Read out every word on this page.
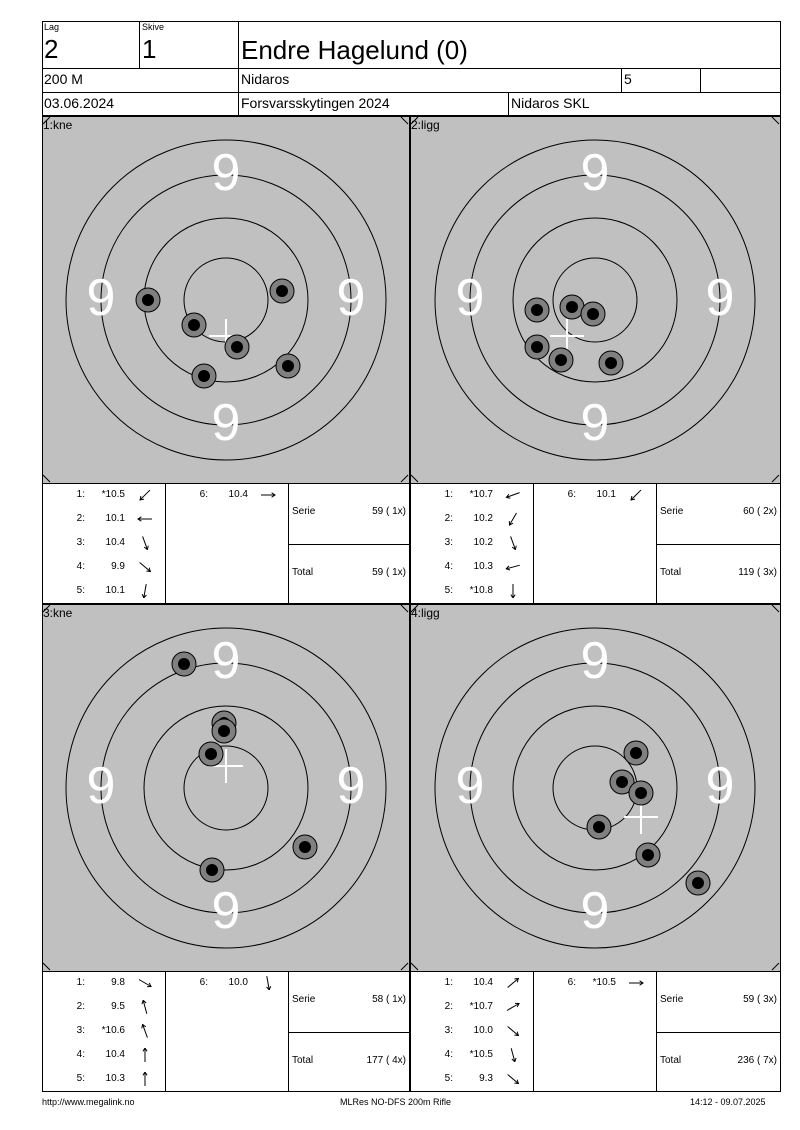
Lag
2
Skive
1	Endre Hagelund (0)
200 M	Nidaros	5
03.06.2024	Forsvarsskytingen 2024	Nidaros SKL
1:kne
9
9
9	9
1:	*10.5
2:	10.1
3:	10.4
4:	9.9
5:	10.1
6:	10.4
Serie	59 ( 1x)
Total	59 ( 1x)
2:ligg
9
9
9	9
1:	*10.7
2:	10.2
3:	10.2
4:	10.3
5:	*10.8
6:	10.1
Serie	60 ( 2x)
Total	119 ( 3x)
3:kne
9
9
9	9
1:	9.8
2:	9.5
3:	*10.6
4:	10.4
5:	10.3
6:	10.0
Serie	58 ( 1x)
Total	177 ( 4x)
4:ligg
9
9
9	9
1:	10.4
2:	*10.7
3:	10.0
4:	*10.5
5:	9.3
6:	*10.5
Serie	59 ( 3x)
Total	236 ( 7x)
http://www.megalink.no	MLRes NO-DFS 200m Rifle	14:12 - 09.07.2025
